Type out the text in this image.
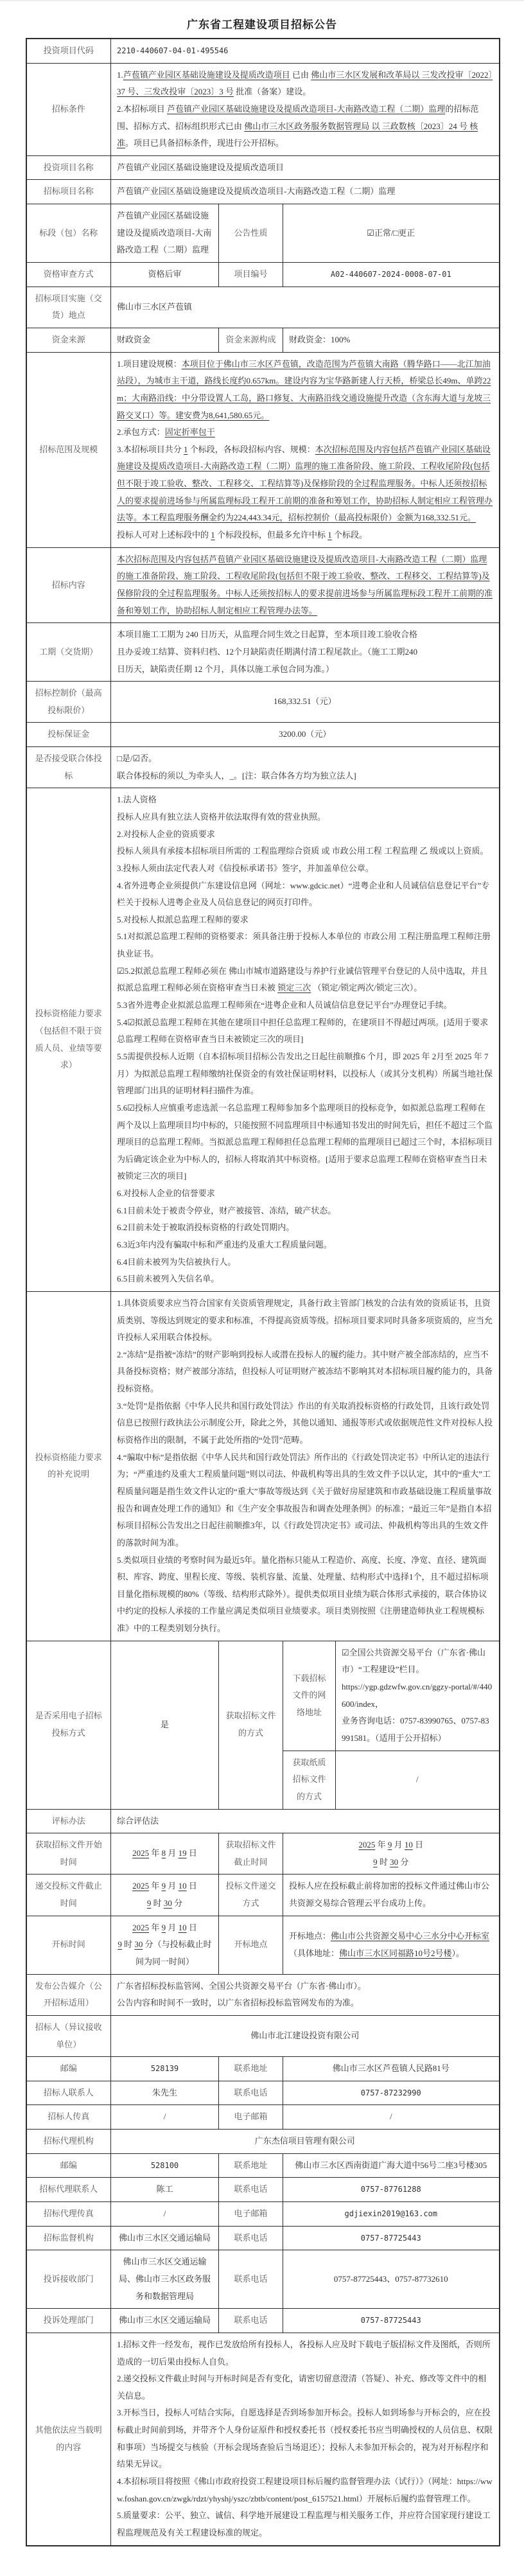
广东省工程建设项目招标公告
投资项目代码	2210-440607-04-01-495546			
招标条件	1.芦苞镇产业园区基础设施建设及提质改造项目 已由 佛山市三水区发展和改革局以 三发改投审〔2022〕37 号、三发改投审〔2023〕3 号 批准（备案）建设。
2.本招标项目 芦苞镇产业园区基础设施建设及提质改造项目-大南路改造工程（二期）监理的招标范围、招标方式、招标组织形式已由 佛山市三水区政务服务数据管理局 以 三政数核〔2023〕24 号 核准。项目已具备招标条件，现进行公开招标。			

投资项目名称	芦苞镇产业园区基础设施建设及提质改造项目			
招标项目名称	芦苞镇产业园区基础设施建设及提质改造项目-大南路改造工程（二期）监理			
标段（包）名称	芦苞镇产业园区基础设施建设及提质改造项目-大南路改造工程（二期）监理	公告性质	☑正常/□更正	
资格审查方式	资格后审	项目编号	A02-440607-2024-0008-07-01	
招标项目实施（交货）地点	佛山市三水区芦苞镇			
资金来源	财政资金	资金来源构成	财政资金：100%	
招标范围及规模	1.项目建设规模：本项目位于佛山市三水区芦苞镇，改造范围为芦苞镇大南路（腾华路口——北江加油站段），为城市主干道，路线长度约0.657km。建设内容为宝华路新建人行天桥，桥梁总长49m、单跨22m；大南路沿线：中分带设置人工岛，路口修复、大南路沿线交通设施提升改造（含东海大道与龙坡三路交叉口）等。建安费为8,641,580.65元。
2.承包方式：固定折率包干
3.本招标项目共分 1 个标段，各标段招标内容、规模：本次招标范围及内容包括芦苞镇产业园区基础设施建设及提质改造项目-大南路改造工程（二期）监理的施工准备阶段、施工阶段、工程收尾阶段(包括但不限于竣工验收、整改、工程移交、工程结算等)及保修阶段的全过程监理服务。中标人还须按招标人的要求提前进场参与所属监理标段工程开工前期的准备和筹划工作，协助招标人制定相应工程管理办法等。本工程监理服务酬金约为224,443.34元，招标控制价（最高投标限价）金额为168,332.51元。
投标人可对上述标段中的 1 个标段投标，但最多允许中标 1 个标段。			

招标内容	本次招标范围及内容包括芦苞镇产业园区基础设施建设及提质改造项目-大南路改造工程（二期）监理的施工准备阶段、施工阶段、工程收尾阶段(包括但不限于竣工验收、整改、工程移交、工程结算等)及保修阶段的全过程监理服务。中标人还须按招标人的要求提前进场参与所属监理标段工程开工前期的准备和筹划工作，协助招标人制定相应工程管理办法等。			

工期（交货期）	本项目施工工期为 240 日历天，从监理合同生效之日起算，至本项目竣工验收合格
且办妥竣工结算、资料归档、12个月缺陷责任期满付清工程尾款止。（施工工期240
日历天，缺陷责任期 12 个月，具体以施工承包合同为准。）			

招标控制价（最高投标限价）	168,332.51（元）			
投标保证金	3200.00（元）			
是否接受联合体投标	□是/☑否。
联合体投标的须以_为牵头人，_。[注：联合体各方均为独立法人]			

投标资格能力要求（包括但不限于资质人员、业绩等要求）	
1.法人资格
投标人应具有独立法人资格并依法取得有效的营业执照。
2.对投标人企业的资质要求
投标人须具有承接本招标项目所需的 工程监理综合资质 或 市政公用工程 工程监理 乙 级或以上资质。
3.投标人须由法定代表人对《信投标承诺书》签字，并加盖单位公章。
4.省外进粤企业须提供广东建设信息网（网址：www.gdcic.net）“进粤企业和人员诚信信息登记平台”专栏关于投标人进粤企业及人员信息登记的网页打印件。
5.对投标人拟派总监理工程师的要求
5.1对拟派总监理工程师的资格要求：须具备注册于投标人本单位的 市政公用 工程注册监理工程师注册执业证书。
☑5.2拟派总监理工程师必须在 佛山市城市道路建设与养护行业诚信管理平台登记的人员中选取，并且拟派总监理工程师必须在资格审查当日未被 锁定三次 （锁定/锁定两次/锁定三次）。
5.3省外进粤企业拟派总监理工程师须在“进粤企业和人员诚信信息登记平台”办理登记手续。
5.4☑拟派总监理工程师在其他在建项目中担任总监理工程师的，在建项目不得超过两项。[适用于要求总监理工程师在资格审查当日未被锁定三次的项目]
5.5需提供投标人近期（自本招标项目招标公告发出之日起往前顺推6 个月，即 2025 年 2月至 2025 年 7 月）为拟派总监理工程师缴纳社保资金的有效社保证明材料，以投标人（或其分支机构）所属当地社保管理部门出具的证明材料扫描件为准。
5.6☑投标人应慎重考虑选派一名总监理工程师参加多个监理项目的投标竞争，如拟派总监理工程师在两个及以上监理项目均中标的，只能按照不同监理项目中标通知书发出的时间先后，担任不超过三个监理项目的总监理工程师。当拟派总监理工程师担任总监理工程师的监理项目已超过三个时，本招标项目为后确定该企业为中标人的，招标人将取消其中标资格。[适用于要求总监理工程师在资格审查当日未被锁定三次的项目]
6.对投标人企业的信誉要求
6.1目前未处于被责令停业，财产被接管、冻结，破产状态。
6.2目前未处于被取消投标资格的行政处罚期内。
6.3近3年内没有骗取中标和严重违约及重大工程质量问题。
6.4目前未被列为失信被执行人。
6.5目前未被列入失信名单。

投标资格能力要求的补充说明	1.具体资质要求应当符合国家有关资质管理规定，具备行政主管部门核发的合法有效的资质证书，且资质类别、等级达到规定的要求和标准，不得提高资质等级。招标项目要求同时具备多项资质的，应当允许投标人采用联合体投标。
2.“冻结”是指被“冻结”的财产影响到投标人或潜在投标人的履约能力。其中财产被全部冻结的，应当不具备投标资格；财产被部分冻结，但投标人可证明财产被冻结不影响其对本招标项目履约能力的，具备投标资格。
3.“处罚”是指依据《中华人民共和国行政处罚法》作出的有关取消投标资格的行政处罚，且该行政处罚信息已按照行政执法公示制度公开，除此之外，其他以通知、通报等形式或依据规范性文件对投标人投标资格作出的限制，不属于此处所指的“处罚”范畴。
4.“骗取中标”是指依据《中华人民共和国行政处罚法》所作出的《行政处罚决定书》中所认定的违法行为；“严重违约及重大工程质量问题”则以司法、仲裁机构等出具的生效文件予以认定，其中的“重大”工程质量问题是指生效文件认定的“重大”事故等级达到《关于做好房屋建筑和市政基础设施工程质量事故报告和调查处理工作的通知》和《生产安全事故报告和调查处理条例》的标准；“最近三年”是指自本招标项目招标公告发出之日起往前顺推3年，以《行政处罚决定书》或司法、仲裁机构等出具的生效文件的落款时间为准。
5.类似项目业绩的考察时间为最近5年。量化指标只能从工程造价、高度、长度、净宽、直径、建筑面积、库容、跨度、里程长度、等级、装机容量、流量、处理量、结构形式中选择1个，且不超过招标项目量化指标规模的80%（等级、结构形式除外）。提供类似项目业绩为联合体形式承接的，联合体协议中约定的投标人承接的工作量应满足类似项目业绩要求。项目类别按照《注册建造师执业工程规模标准》中的工程类别划分执行。			

是否采用电子招标投标方式	是	获取招标文件的方式	下载招标文件的网络地址	☑全国公共资源交易平台（广东省·佛山市）“工程建设”栏目。
https://ygp.gdzwfw.gov.cn/ggzy-portal/#/440600/index，
业务咨询电话：0757-83990765、0757-83991581。（适用于公开招标）

			获取纸质招标文件的方式	/
评标办法	综合评估法			
获取招标文件开始时间	2025 年 8 月 19 日	获取招标文件截止时间	2025 年 9 月 10 日
9 时 30 分	

递交投标文件截止时间	2025 年 9 月 10 日
9 时 30 分	投标文件递交方式	投标人应在投标截止前将加密的投标文件通过佛山市公共资源交易综合管理云平台成功上传。	
开标时间	2025 年 9 月 10 日
9 时 30 分（与投标截止时间为同一时间）	开标地点	开标地点：佛山市公共资源交易中心三水分中心开标室（具体地址：佛山市三水区同福路10号2号楼）。	

发布公告媒介（公开招标适用）	广东省招标投标监管网、全国公共资源交易平台（广东省·佛山市）。
公告内容和时间不一致时，以广东省招标投标监管网发布的为准。			

招标人（异议接收单位）	佛山市北江建设投资有限公司			
邮编	528139	联系地址	佛山市三水区芦苞镇人民路81号	
招标人联系人	朱先生	联系电话	0757-87232990	
招标人传真	/	电子邮箱	/	
招标代理机构	广东杰信项目管理有限公司			
邮编	528100	联系地址	佛山市三水区西南街道广海大道中56号二座3号楼305	
招标代理联系人	陈工	联系电话	0757-87761288	
招标代理传真	/	电子邮箱	gdjiexin2019@163.com	
招标监督机构	佛山市三水区交通运输局	联系电话	0757-87725443	
投诉接收部门	佛山市三水区交通运输局、佛山市三水区政务服务和数据管理局	联系电话	0757-87725443、0757-87732610	
投诉处理部门	佛山市三水区交通运输局	联系电话	0757-87725443	
其他依法应当载明的内容	1.招标文件一经发布，视作已发放给所有投标人，各投标人应及时下载电子版招标文件及图纸，否则所造成的一切后果由投标人自负。
2.递交投标文件截止时间与开标时间是否有变化，请密切留意澄清（答疑）、补充、修改等文件中的相关信息。
3.开标当日，投标人可结合实际，自愿选择是否到场参加开标会。投标人如到场参与开标会的，应在投标截止时间前到场，并带齐个人身份证原件和授权委托书（授权委托书应当明确授权的人员信息、权限和事项）当场提交与核验（开标会现场查验后当场退还）；投标人未参加开标会的，视为对开标程序和结果无异议。
4.本招标项目将按照《佛山市政府投资工程建设项目标后履约监督管理办法（试行）》（网址：https://www.foshan.gov.cn/zwgk/rdzt/yhyshj/yszc/zbtb/content/post_6157521.html）开展标后履约监督管理工作。
5.质量要求：公平、独立、诚信、科学地开展建设工程监理与相关服务工作，并应符合国家现行建设工程监理规范及有关工程建设标准的规定。			
